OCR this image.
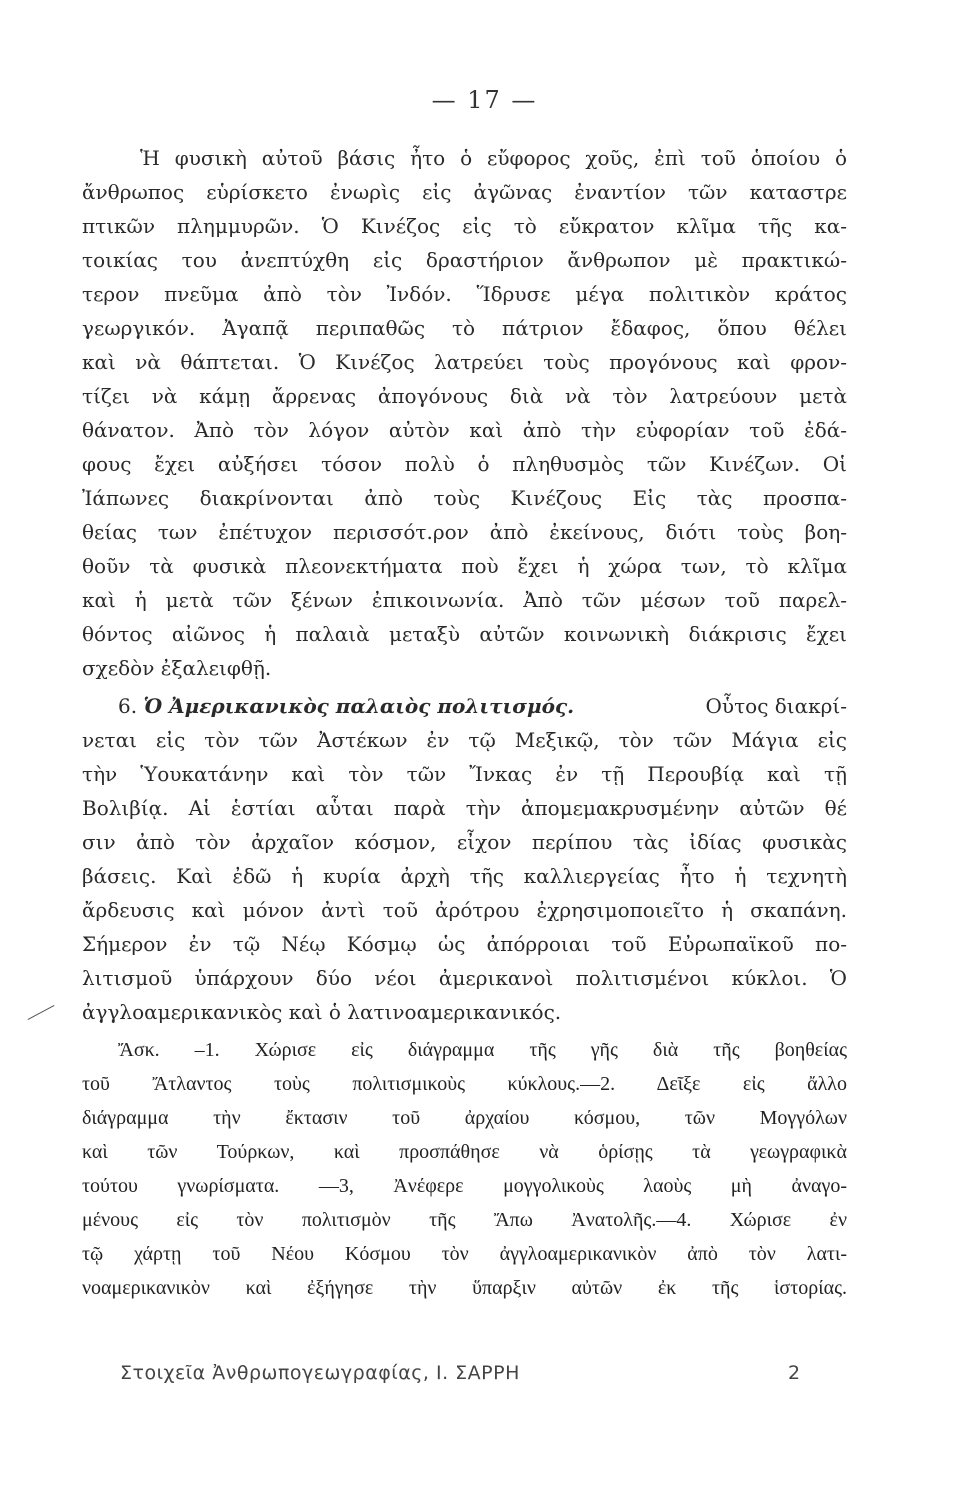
— 17 —
Ἡ φυσικὴ αὐτοῦ βάσις ἦτο ὁ εὔφορος χοῦς, ἐπὶ τοῦ ὁποίου ὁ
ἄνθρωπος εὑρίσκετο ἐνωρὶς εἰς ἀγῶνας ἐναντίον τῶν καταστρε
πτικῶν πλημμυρῶν. Ὁ Κινέζος εἰς τὸ εὔκρατον κλῖμα τῆς κα-
τοικίας του ἀνεπτύχθη εἰς δραστήριον ἄνθρωπον μὲ πρακτικώ-
τερον πνεῦμα ἀπὸ τὸν Ἰνδόν. Ἵδρυσε μέγα πολιτικὸν κράτος
γεωργικόν. Ἀγαπᾷ περιπαθῶς τὸ πάτριον ἔδαφος, ὅπου θέλει
καὶ νὰ θάπτεται. Ὁ Κινέζος λατρεύει τοὺς προγόνους καὶ φρον-
τίζει νὰ κάμῃ ἄρρενας ἀπογόνους διὰ νὰ τὸν λατρεύουν μετὰ
θάνατον. Ἀπὸ τὸν λόγον αὐτὸν καὶ ἀπὸ τὴν εὐφορίαν τοῦ ἐδά-
φους ἔχει αὐξήσει τόσον πολὺ ὁ πληθυσμὸς τῶν Κινέζων. Οἱ
Ἰάπωνες διακρίνονται ἀπὸ τοὺς Κινέζους Εἰς τὰς προσπα-
θείας των ἐπέτυχον περισσότ.ρον ἀπὸ ἐκείνους, διότι τοὺς βοη-
θοῦν τὰ φυσικὰ πλεονεκτήματα ποὺ ἔχει ἡ χώρα των, τὸ κλῖμα
καὶ ἡ μετὰ τῶν ξένων ἐπικοινωνία. Ἀπὸ τῶν μέσων τοῦ παρελ-
θόντος αἰῶνος ἡ παλαιὰ μεταξὺ αὐτῶν κοινωνικὴ διάκρισις ἔχει
σχεδὸν ἐξαλειφθῇ.
6. Ὁ Ἀμερικανικὸς παλαιὸς πολιτισμός.	Οὗτος διακρί-
νεται εἰς τὸν τῶν Ἀστέκων ἐν τῷ Μεξικῷ, τὸν τῶν Μάγια εἰς
τὴν Ὑουκατάνην καὶ τὸν τῶν Ἴνκας ἐν τῇ Περουβίᾳ καὶ τῇ
Βολιβίᾳ. Αἱ ἑστίαι αὗται παρὰ τὴν ἀπομεμακρυσμένην αὐτῶν θέ
σιν ἀπὸ τὸν ἀρχαῖον κόσμον, εἶχον περίπου τὰς ἰδίας φυσικὰς
βάσεις. Καὶ ἐδῶ ἡ κυρία ἀρχὴ τῆς καλλιεργείας ἦτο ἡ τεχνητὴ
ἄρδευσις καὶ μόνον ἀντὶ τοῦ ἀρότρου ἐχρησιμοποιεῖτο ἡ σκαπάνη.
Σήμερον ἐν τῷ Νέῳ Κόσμῳ ὡς ἀπόρροιαι τοῦ Εὐρωπαϊκοῦ πο-
λιτισμοῦ ὑπάρχουν δύο νέοι ἀμερικανοὶ πολιτισμένοι κύκλοι. Ὁ
ἀγγλοαμερικανικὸς καὶ ὁ λατινοαμερικανικός.
Ἄσκ. –1. Χώρισε εἰς διάγραμμα τῆς γῆς διὰ τῆς βοηθείας
τοῦ Ἄτλαντος τοὺς πολιτισμικοὺς κύκλους.—2. Δεῖξε εἰς ἄλλο
διάγραμμα τὴν ἔκτασιν τοῦ ἀρχαίου κόσμου, τῶν Μογγόλων
καὶ τῶν Τούρκων, καὶ προσπάθησε νὰ ὁρίσῃς τὰ γεωγραφικὰ
τούτου γνωρίσματα. —3, Ἀνέφερε μογγολικοὺς λαοὺς μὴ ἀναγο-
μένους εἰς τὸν πολιτισμὸν τῆς Ἄπω Ἀνατολῆς.—4. Χώρισε ἐν
τῷ χάρτῃ τοῦ Νέου Κόσμου τὸν ἀγγλοαμερικανικὸν ἀπὸ τὸν λατι-
νοαμερικανικὸν καὶ ἐξήγησε τὴν ὕπαρξιν αὐτῶν ἐκ τῆς ἱστορίας.
Στοιχεῖα Ἀνθρωπογεωγραφίας, Ι. ΣΑΡΡΗ	2
